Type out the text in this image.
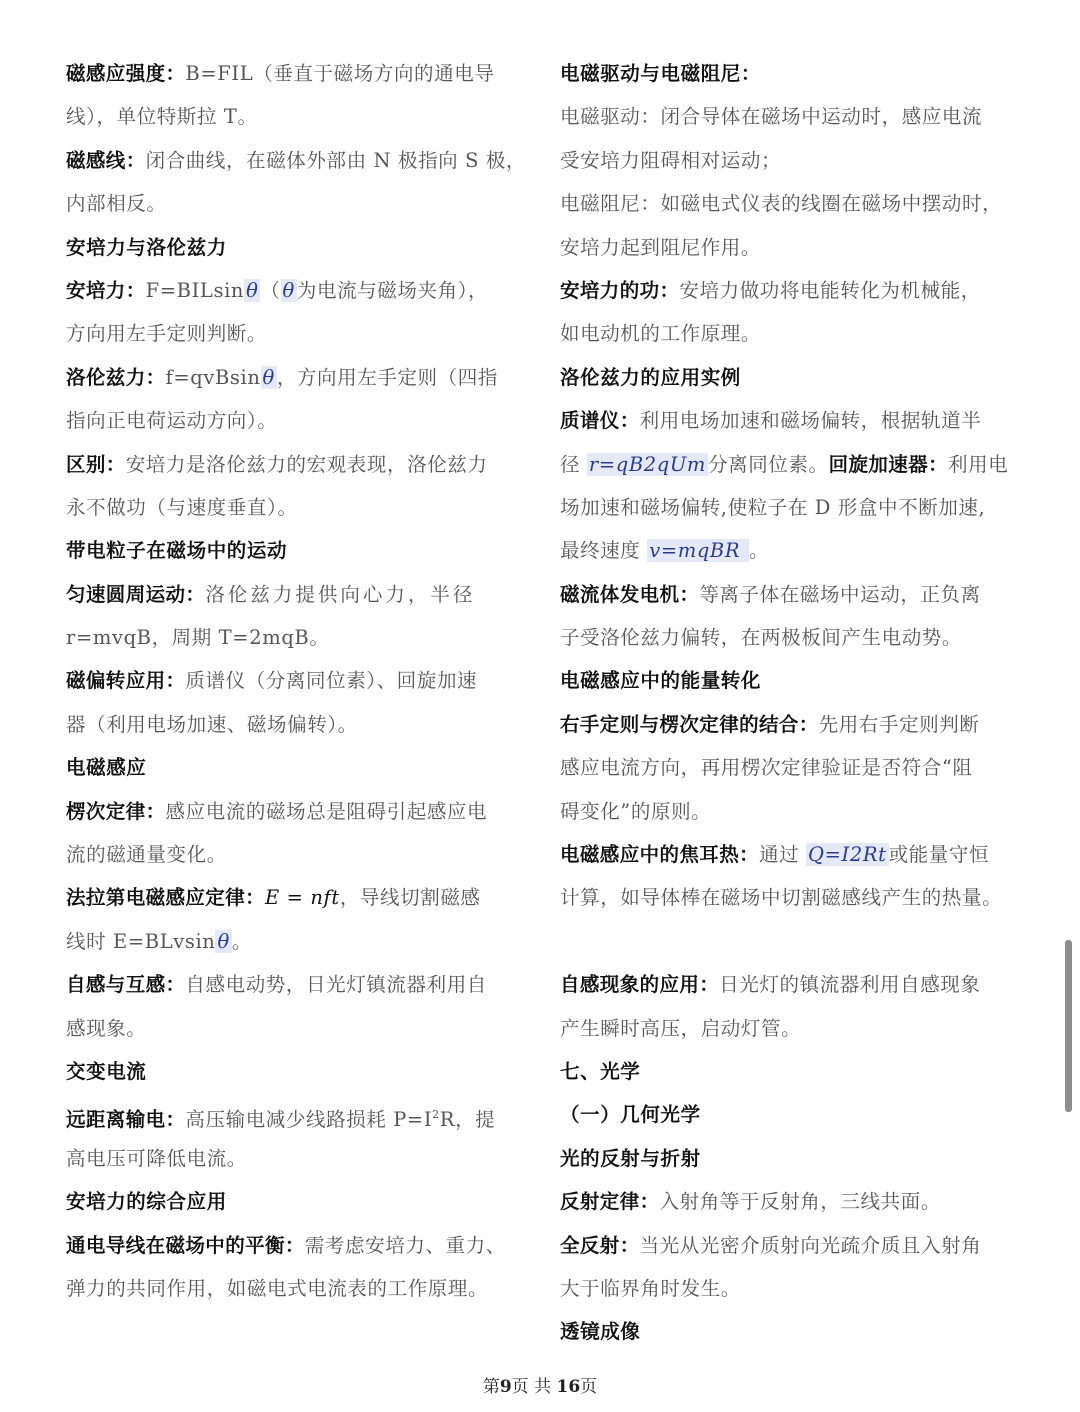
磁感应强度：B=FIL（垂直于磁场方向的通电导
线），单位特斯拉 T。
磁感线：闭合曲线，在磁体外部由 N 极指向 S 极，
内部相反。
安培力与洛伦兹力
安培力：F=BILsin θ （ θ 为电流与磁场夹角），
方向用左手定则判断。
洛伦兹力：f=qvBsin θ ，方向用左手定则（四指
指向正电荷运动方向）。
区别：安培力是洛伦兹力的宏观表现，洛伦兹力
永不做功（与速度垂直）。
带电粒子在磁场中的运动
匀速圆周运动：洛伦兹力提供向心力，半径
r=mvqB，周期 T=2mqB。
磁偏转应用：质谱仪（分离同位素）、回旋加速
器（利用电场加速、磁场偏转）。
电磁感应
楞次定律：感应电流的磁场总是阻碍引起感应电
流的磁通量变化。
法拉第电磁感应定律：E = nft，导线切割磁感
线时 E=BLvsin θ 。
自感与互感：自感电动势，日光灯镇流器利用自
感现象。
交变电流
远距离输电：高压输电减少线路损耗 $P=I^2R$，提
高电压可降低电流。
安培力的综合应用
通电导线在磁场中的平衡：需考虑安培力、重力、
弹力的共同作用，如磁电式电流表的工作原理。
电磁驱动与电磁阻尼：
电磁驱动：闭合导体在磁场中运动时，感应电流
受安培力阻碍相对运动；
电磁阻尼：如磁电式仪表的线圈在磁场中摆动时，
安培力起到阻尼作用。
安培力的功：安培力做功将电能转化为机械能，
如电动机的工作原理。
洛伦兹力的应用实例
质谱仪：利用电场加速和磁场偏转，根据轨道半
径 r=qB2qUm 分离同位素。回旋加速器：利用电
场加速和磁场偏转,使粒子在 D 形盒中不断加速,
最终速度 v=mqBR 。
磁流体发电机：等离子体在磁场中运动，正负离
子受洛伦兹力偏转，在两极板间产生电动势。
电磁感应中的能量转化
右手定则与楞次定律的结合：先用右手定则判断
感应电流方向，再用楞次定律验证是否符合“阻
碍变化”的原则。
电磁感应中的焦耳热：通过 Q=I2Rt 或能量守恒
计算，如导体棒在磁场中切割磁感线产生的热量。
自感现象的应用：日光灯的镇流器利用自感现象
产生瞬时高压，启动灯管。
七、光学
（一）几何光学
光的反射与折射
反射定律：入射角等于反射角，三线共面。
全反射：当光从光密介质射向光疏介质且入射角
大于临界角时发生。
透镜成像
第9页 共 16页
